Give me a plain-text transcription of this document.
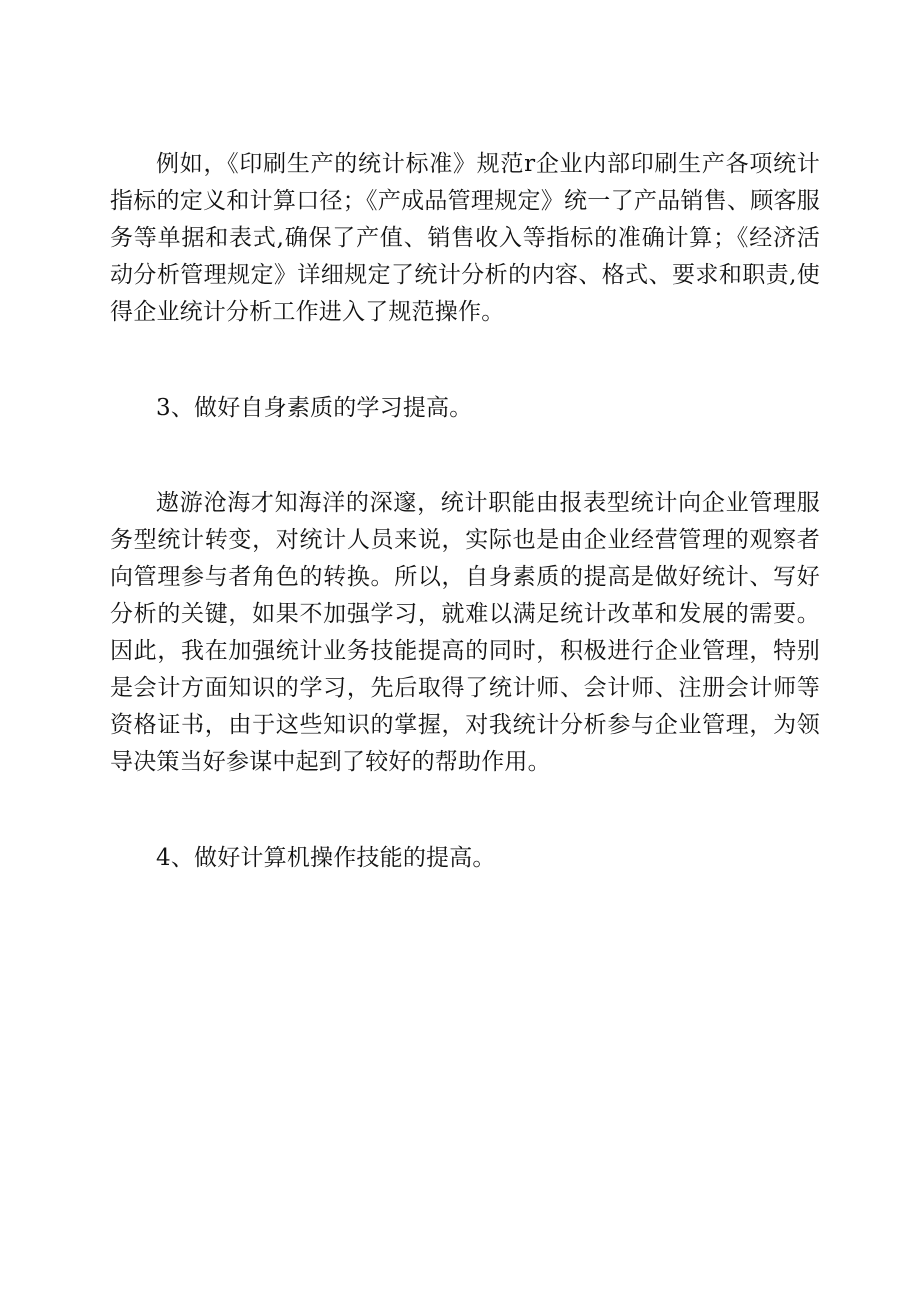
例如，《印刷生产的统计标准》规范r企业内部印刷生产各项统计指标的定义和计算口径；《产成品管理规定》统一了产品销售、顾客服务等单据和表式,确保了产值、销售收入等指标的准确计算；《经济活动分析管理规定》详细规定了统计分析的内容、格式、要求和职责,使得企业统计分析工作进入了规范操作。

3、做好自身素质的学习提高。

遨游沧海才知海洋的深邃，统计职能由报表型统计向企业管理服务型统计转变，对统计人员来说，实际也是由企业经营管理的观察者向管理参与者角色的转换。所以，自身素质的提高是做好统计、写好分析的关键，如果不加强学习，就难以满足统计改革和发展的需要。因此，我在加强统计业务技能提高的同时，积极进行企业管理，特别是会计方面知识的学习，先后取得了统计师、会计师、注册会计师等资格证书，由于这些知识的掌握，对我统计分析参与企业管理，为领导决策当好参谋中起到了较好的帮助作用。

4、做好计算机操作技能的提高。
